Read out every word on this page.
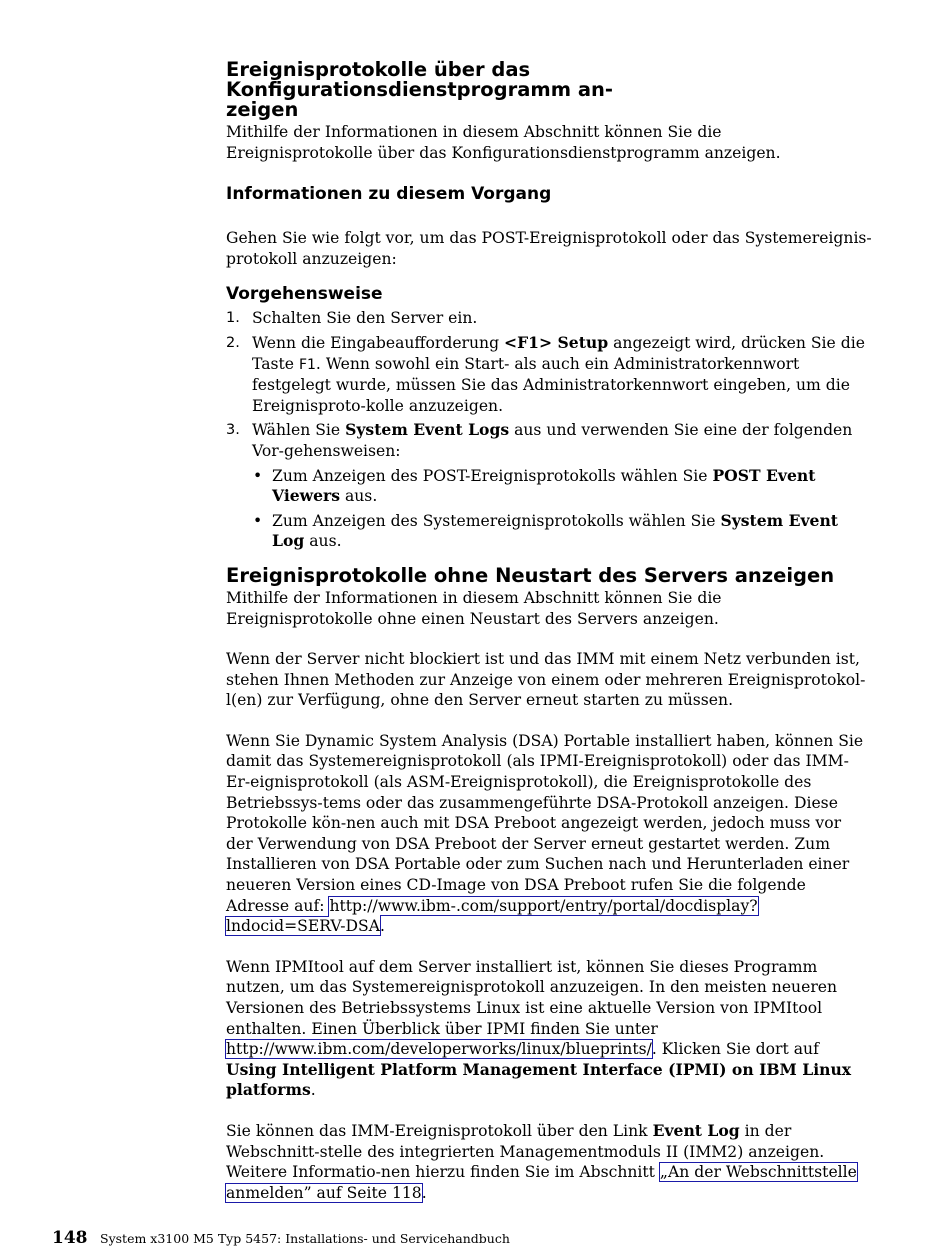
Ereignisprotokolle über das Konfigurationsdienstprogramm an-
zeigen

Mithilfe der Informationen in diesem Abschnitt können Sie die Ereignisprotokolle über das Konfigurationsdienstprogramm anzeigen.

Informationen zu diesem Vorgang

Gehen Sie wie folgt vor, um das POST-Ereignisprotokoll oder das Systemereignis-protokoll anzuzeigen:

Vorgehensweise
1. Schalten Sie den Server ein.
2. Wenn die Eingabeaufforderung <F1> Setup angezeigt wird, drücken Sie die Taste F1. Wenn sowohl ein Start- als auch ein Administratorkennwort festgelegt wurde, müssen Sie das Administratorkennwort eingeben, um die Ereignisproto-kolle anzuzeigen.
3. Wählen Sie System Event Logs aus und verwenden Sie eine der folgenden Vor-gehensweisen:
• Zum Anzeigen des POST-Ereignisprotokolls wählen Sie POST Event Viewers aus.
• Zum Anzeigen des Systemereignisprotokolls wählen Sie System Event Log aus.
Ereignisprotokolle ohne Neustart des Servers anzeigen

Mithilfe der Informationen in diesem Abschnitt können Sie die Ereignisprotokolle ohne einen Neustart des Servers anzeigen.

Wenn der Server nicht blockiert ist und das IMM mit einem Netz verbunden ist, stehen Ihnen Methoden zur Anzeige von einem oder mehreren Ereignisprotokol-l(en) zur Verfügung, ohne den Server erneut starten zu müssen.

Wenn Sie Dynamic System Analysis (DSA) Portable installiert haben, können Sie damit das Systemereignisprotokoll (als IPMI-Ereignisprotokoll) oder das IMM-Er-eignisprotokoll (als ASM-Ereignisprotokoll), die Ereignisprotokolle des Betriebssys-tems oder das zusammengeführte DSA-Protokoll anzeigen. Diese Protokolle kön-nen auch mit DSA Preboot angezeigt werden, jedoch muss vor der Verwendung von DSA Preboot der Server erneut gestartet werden. Zum Installieren von DSA Portable oder zum Suchen nach und Herunterladen einer neueren Version eines CD-Image von DSA Preboot rufen Sie die folgende Adresse auf: http://www.ibm-.com/support/entry/portal/docdisplay?lndocid=SERV-DSA.

Wenn IPMItool auf dem Server installiert ist, können Sie dieses Programm nutzen, um das Systemereignisprotokoll anzuzeigen. In den meisten neueren Versionen des Betriebssystems Linux ist eine aktuelle Version von IPMItool enthalten. Einen Überblick über IPMI finden Sie unter http://www.ibm.com/developerworks/linux/blueprints/. Klicken Sie dort auf Using Intelligent Platform Management Interface (IPMI) on IBM Linux platforms.

Sie können das IMM-Ereignisprotokoll über den Link Event Log in der Webschnitt-stelle des integrierten Managementmoduls II (IMM2) anzeigen. Weitere Informatio-nen hierzu finden Sie im Abschnitt „An der Webschnittstelle anmelden” auf Seite 118.

148	System x3100 M5 Typ 5457: Installations- und Servicehandbuch
